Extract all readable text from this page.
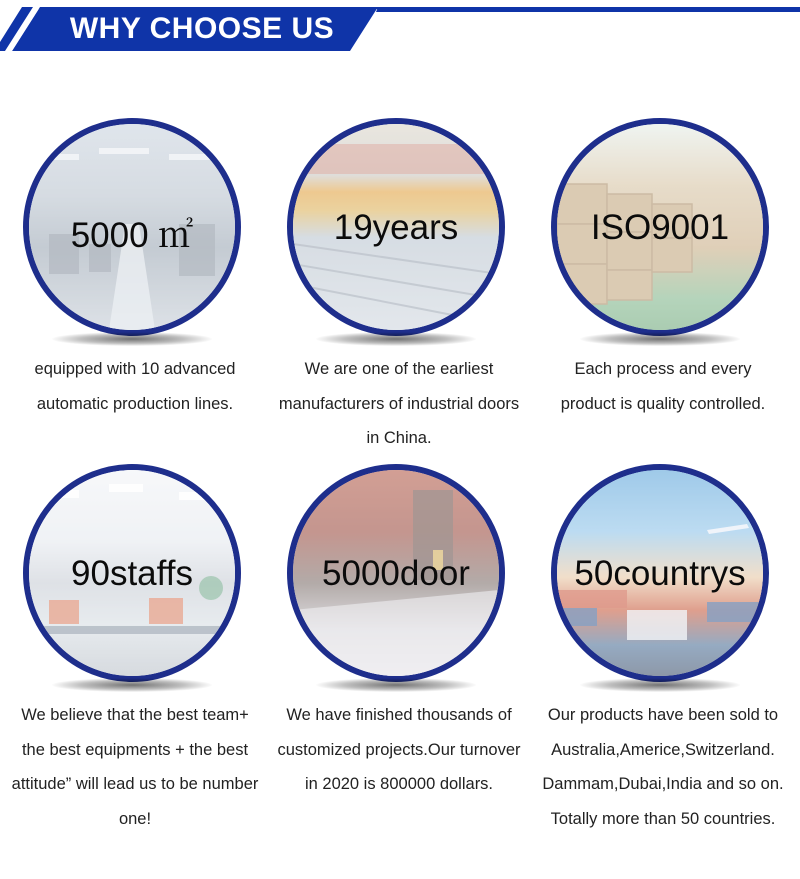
WHY CHOOSE US
5000 ㎡
equipped with 10 advanced
automatic production lines.
19years
We are one of the earliest
manufacturers of industrial doors
in China.
ISO9001
Each process and every
product is quality controlled.
90staffs
We believe that the best team+
the best equipments + the best
attitude” will lead us to be number
one!
5000door
We have finished thousands of
customized projects.Our turnover
in 2020 is 800000 dollars.
50countrys
Our products have been sold to
Australia,Americe,Switzerland.
Dammam,Dubai,India and so on.
Totally more than 50 countries.
